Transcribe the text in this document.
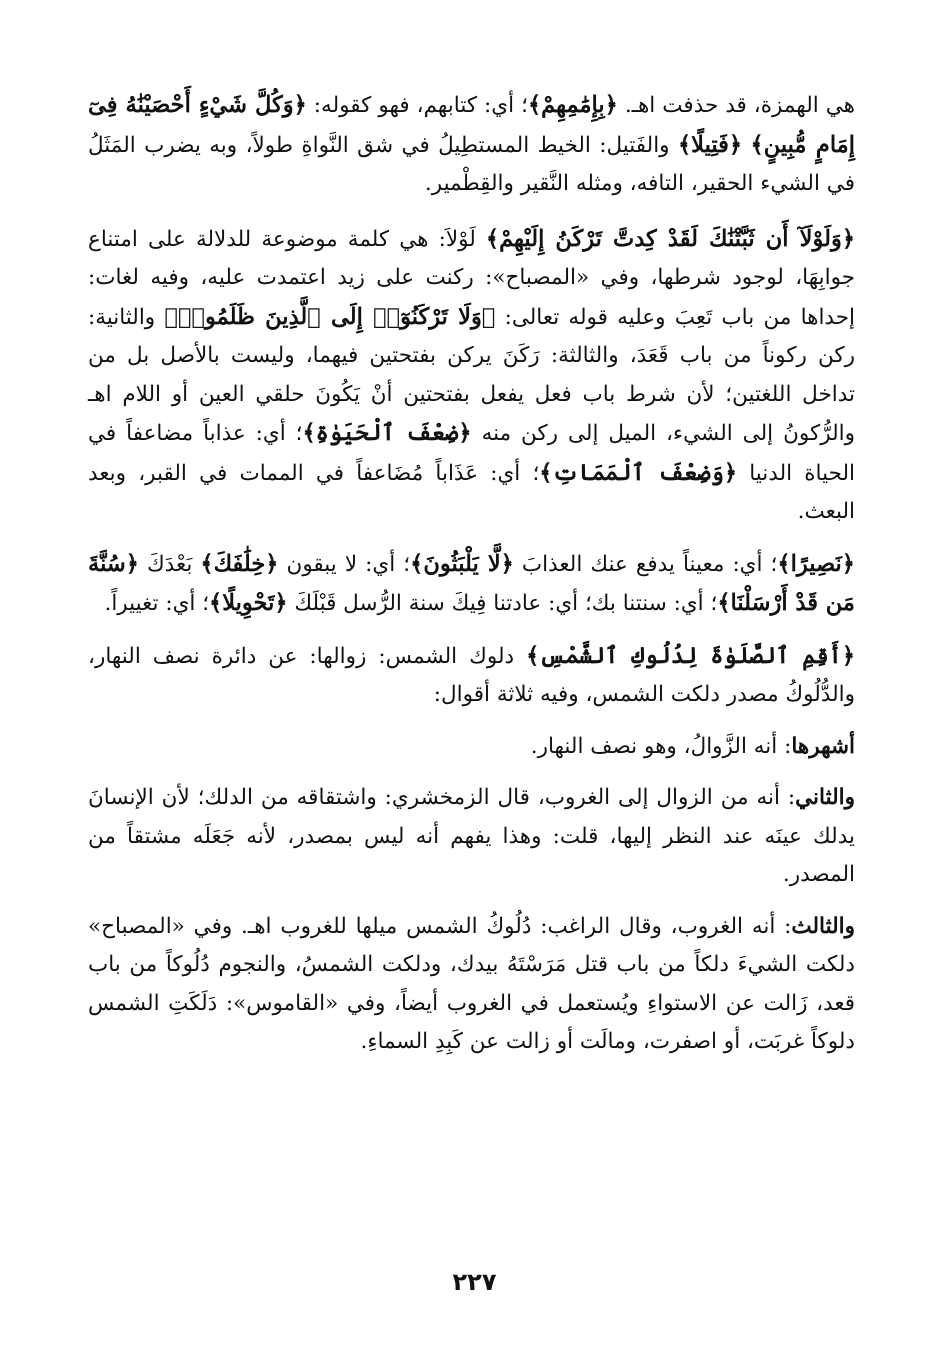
هي الهمزة، قد حذفت اهـ. ﴿بِإِمَٰمِهِمْ﴾؛ أي: كتابهم، فهو كقوله: ﴿وَكُلَّ شَيْءٍ أَحْصَيْنَٰهُ فِىٓ إِمَامٍ مُّبِينٍ﴾ ﴿فَتِيلًا﴾ والفَتيل: الخيط المستطِيلُ في شق النَّواةِ طولاً، وبه يضرب المَثَلُ في الشيء الحقير، التافه، ومثله النَّقير والقِطْمير.

﴿وَلَوْلَآ أَن ثَبَّتْنَٰكَ لَقَدْ كِدتَّ تَرْكَنُ إِلَيْهِمْ﴾ لَوْلاَ: هي كلمة موضوعة للدلالة على امتناع جوابِهَا، لوجود شرطها، وفي «المصباح»: ركنت على زيد اعتمدت عليه، وفيه لغات: إحداها من باب تَعِبَ وعليه قوله تعالى: ﴿وَلَا تَرْكَنُوٓا۟ إِلَى ٱلَّذِينَ ظَلَمُوا۟﴾ والثانية: ركن ركوناً من باب قَعَدَ، والثالثة: رَكَنَ يركن بفتحتين فيهما، وليست بالأصل بل من تداخل اللغتين؛ لأن شرط باب فعل يفعل بفتحتين أنْ يَكُونَ حلقي العين أو اللام اهـ والرُّكونُ إلى الشيء، الميل إلى ركن منه ﴿ضِعْفَ ٱلْحَيَوٰةِ﴾؛ أي: عذاباً مضاعفاً في الحياة الدنيا ﴿وَضِعْفَ ٱلْمَمَاتِ﴾؛ أي: عَذَاباً مُضَاعفاً في الممات في القبر، وبعد البعث.

﴿نَصِيرًا﴾؛ أي: معيناً يدفع عنك العذابَ ﴿لَّا يَلْبَثُونَ﴾؛ أي: لا يبقون ﴿خِلَٰفَكَ﴾ بَعْدَكَ ﴿سُنَّةَ مَن قَدْ أَرْسَلْنَا﴾؛ أي: سنتنا بك؛ أي: عادتنا فِيكَ سنة الرُّسل قَبْلَكَ ﴿تَحْوِيلًا﴾؛ أي: تغييراً.

﴿أَقِمِ ٱلصَّلَوٰةَ لِدُلُوكِ ٱلشَّمْسِ﴾ دلوك الشمس: زوالها: عن دائرة نصف النهار، والدُّلُوكُ مصدر دلكت الشمس، وفيه ثلاثة أقوال:

أشهرها: أنه الزَّوالُ، وهو نصف النهار.

والثاني: أنه من الزوال إلى الغروب، قال الزمخشري: واشتقاقه من الدلك؛ لأن الإنسانَ يدلك عينَه عند النظر إليها، قلت: وهذا يفهم أنه ليس بمصدر، لأنه جَعَلَه مشتقاً من المصدر.

والثالث: أنه الغروب، وقال الراغب: دُلُوكُ الشمس ميلها للغروب اهـ. وفي «المصباح» دلكت الشيءَ دلكاً من باب قتل مَرَسْتَهُ بيدك، ودلكت الشمسُ، والنجوم دُلُوكاً من باب قعد، زَالت عن الاستواءِ ويُستعمل في الغروب أيضاً، وفي «القاموس»: دَلَكَتِ الشمس دلوكاً غربَت، أو اصفرت، ومالَت أو زالت عن كَبِدِ السماءِ.

٢٢٧
